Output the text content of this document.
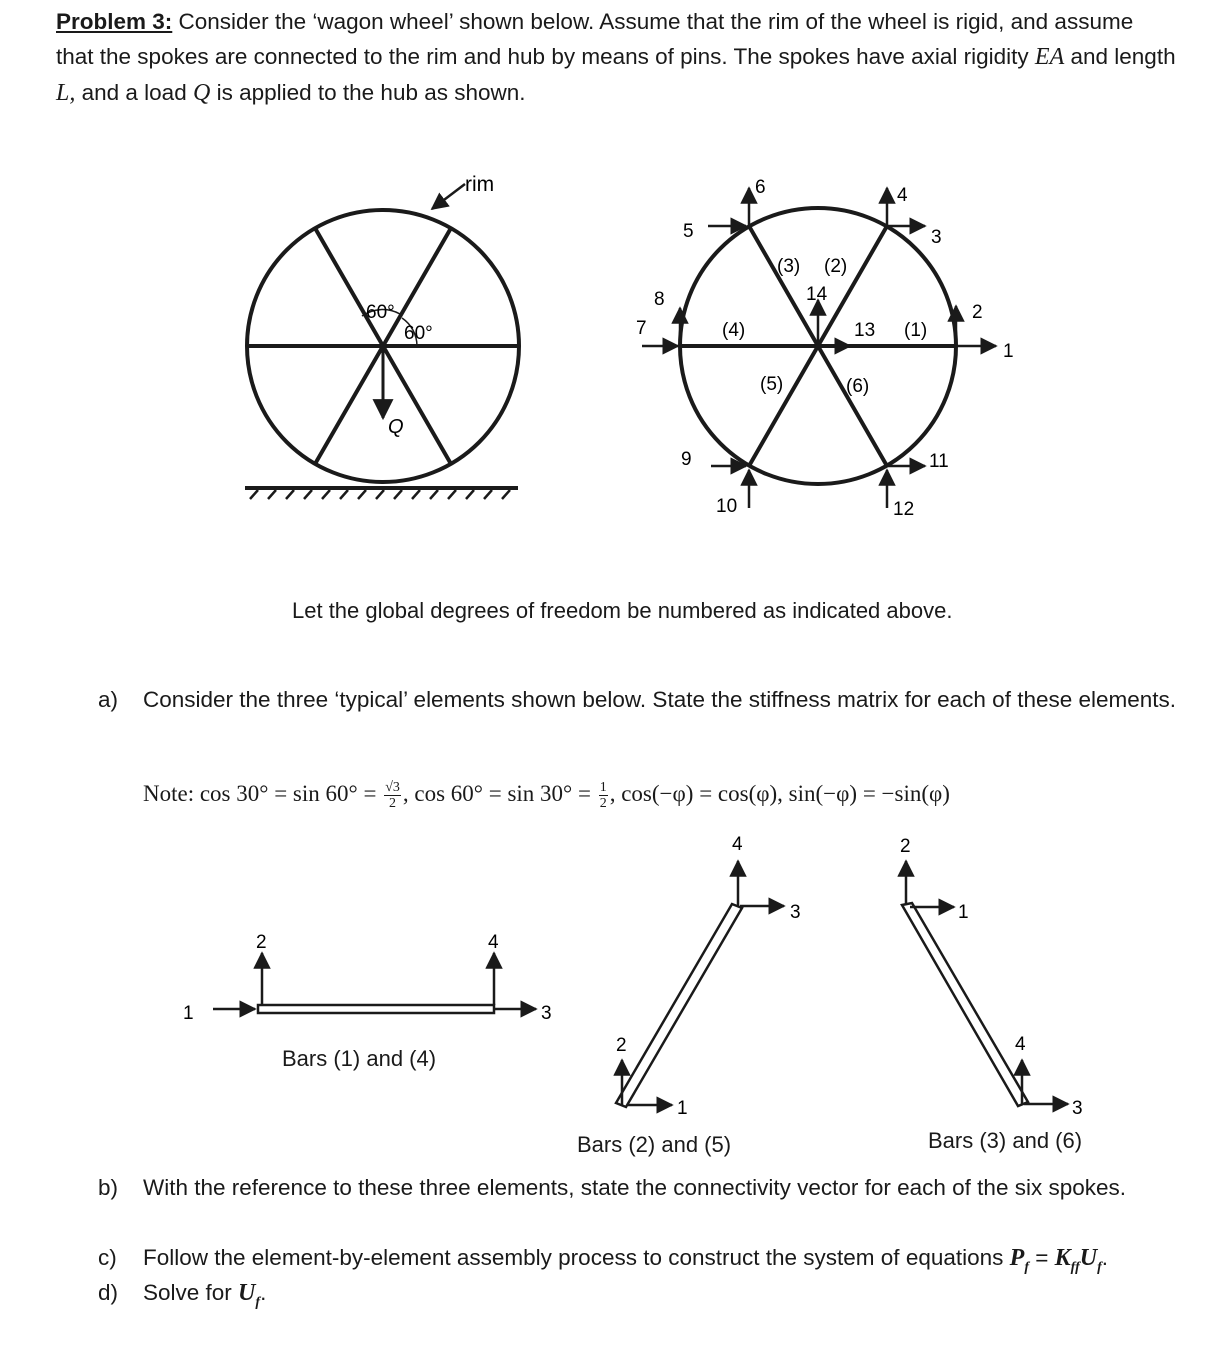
Problem 3: Consider the ‘wagon wheel’ shown below. Assume that the rim of the wheel is rigid, and assume that the spokes are connected to the rim and hub by means of pins. The spokes have axial rigidity EA and length L, and a load Q is applied to the hub as shown.
rim
60°
60°
Q
1
2
3
4
5
6
7
8
9
10
11
12
13
14
(1)
(2)
(3)
(4)
(5)	(6)
1
2
3
4
1
2
3
4
1
2
3
4
Let the global degrees of freedom be numbered as indicated above.
a) Consider the three ‘typical’ elements shown below. State the stiffness matrix for each of these elements.
Note: $\cos 30^\circ = \sin 60^\circ = \frac{√3}{2}$ , $\cos 60^\circ = \sin 30^\circ = \frac{1}{2}$ , cos(−φ) = cos(φ), sin(−φ) = −sin(φ)
Bars (1) and (4)
Bars (2) and (5)	Bars (3) and (6)
b) With the reference to these three elements, state the connectivity vector for each of the six spokes.
c) Follow the element-by-element assembly process to construct the system of equations $P_f = K_{ff}U_f$.
d) Solve for $U_f$.
